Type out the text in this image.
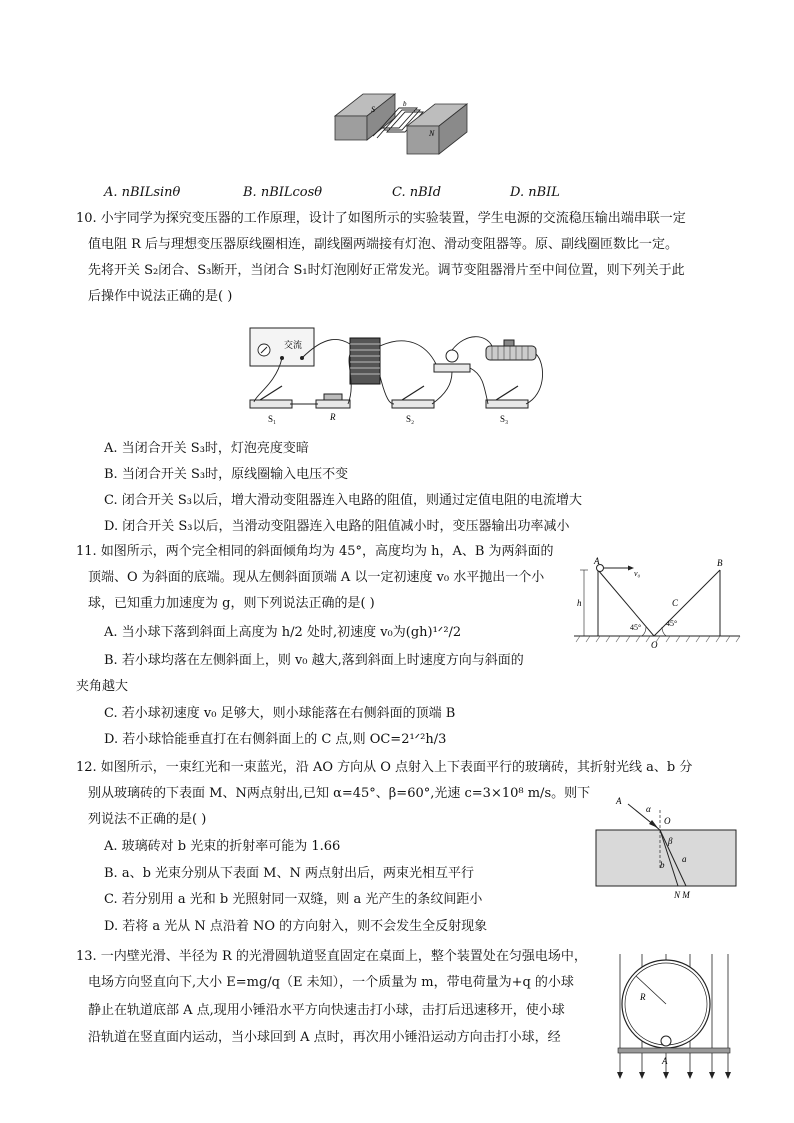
S
N
b
A. nBILsinθ	B. nBILcosθ	C. nBId	D. nBIL
10. 小宇同学为探究变压器的工作原理，设计了如图所示的实验装置，学生电源的交流稳压输出端串联一定
值电阻 R 后与理想变压器原线圈相连，副线圈两端接有灯泡、滑动变阻器等。原、副线圈匝数比一定。
先将开关 S₂闭合、S₃断开，当闭合 S₁时灯泡刚好正常发光。调节变阻器滑片至中间位置，则下列关于此
后操作中说法正确的是( )
交流
S₁	R	S₂	S₃
A. 当闭合开关 S₃时，灯泡亮度变暗
B. 当闭合开关 S₃时，原线圈输入电压不变
C. 闭合开关 S₃以后，增大滑动变阻器连入电路的阻值，则通过定值电阻的电流增大
D. 闭合开关 S₃以后，当滑动变阻器连入电路的阻值减小时，变压器输出功率减小
11. 如图所示，两个完全相同的斜面倾角均为 45°，高度均为 h，A、B 为两斜面的
顶端、O 为斜面的底端。现从左侧斜面顶端 A 以一定初速度 v₀ 水平抛出一个小
球，已知重力加速度为 g，则下列说法正确的是( )
A. 当小球下落到斜面上高度为 h/2 处时,初速度 v₀为(gh)¹ᐟ²/2
B. 若小球均落在左侧斜面上，则 v₀ 越大,落到斜面上时速度方向与斜面的
夹角越大
C. 若小球初速度 v₀ 足够大，则小球能落在右侧斜面的顶端 B
D. 若小球恰能垂直打在右侧斜面上的 C 点,则 OC=2¹ᐟ²h/3
A
v₀
B
h	C
45°	45°
O
12. 如图所示，一束红光和一束蓝光，沿 AO 方向从 O 点射入上下表面平行的玻璃砖，其折射光线 a、b 分
别从玻璃砖的下表面 M、N两点射出,已知 α=45°、β=60°,光速 c=3×10⁸ m/s。则下
列说法不正确的是( )
A. 玻璃砖对 b 光束的折射率可能为 1.66
B. a、b 光束分别从下表面 M、N 两点射出后，两束光相互平行
C. 若分别用 a 光和 b 光照射同一双缝，则 a 光产生的条纹间距小
D. 若将 a 光从 N 点沿着 NO 的方向射入，则不会发生全反射现象
A
α
O
β
b
a
N M
13. 一内壁光滑、半径为 R 的光滑圆轨道竖直固定在桌面上，整个装置处在匀强电场中，
电场方向竖直向下,大小 E=mg/q（E 未知），一个质量为 m，带电荷量为+q 的小球
静止在轨道底部 A 点,现用小锤沿水平方向快速击打小球，击打后迅速移开，使小球
沿轨道在竖直面内运动，当小球回到 A 点时，再次用小锤沿运动方向击打小球，经
R
A
